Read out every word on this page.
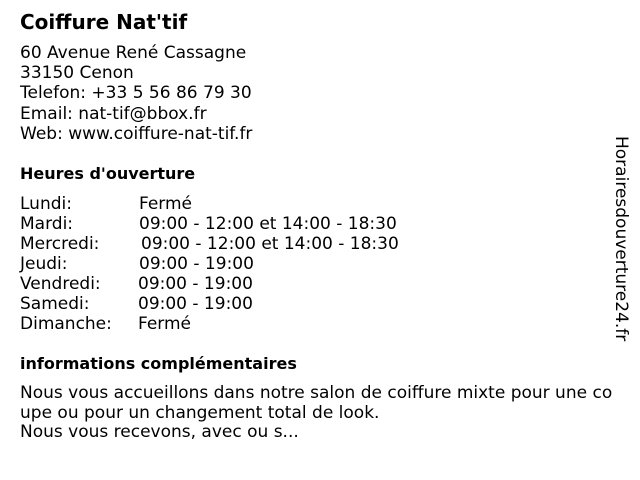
Coiffure Nat'tif
60 Avenue René Cassagne
33150 Cenon
Telefon: +33 5 56 86 79 30
Email: nat-tif@bbox.fr
Web: www.coiffure-nat-tif.fr
Heures d'ouverture
Lundi:	Fermé
Mardi:	09:00 - 12:00 et 14:00 - 18:30
Mercredi: 09:00 - 12:00 et 14:00 - 18:30
Jeudi:	09:00 - 19:00
Vendredi: 09:00 - 19:00
Samedi:	09:00 - 19:00
Dimanche: Fermé
informations complémentaires
Nous vous accueillons dans notre salon de coiffure mixte pour une co
upe ou pour un changement total de look.
Nous vous recevons, avec ou s...
Horairesdouverture24.fr
